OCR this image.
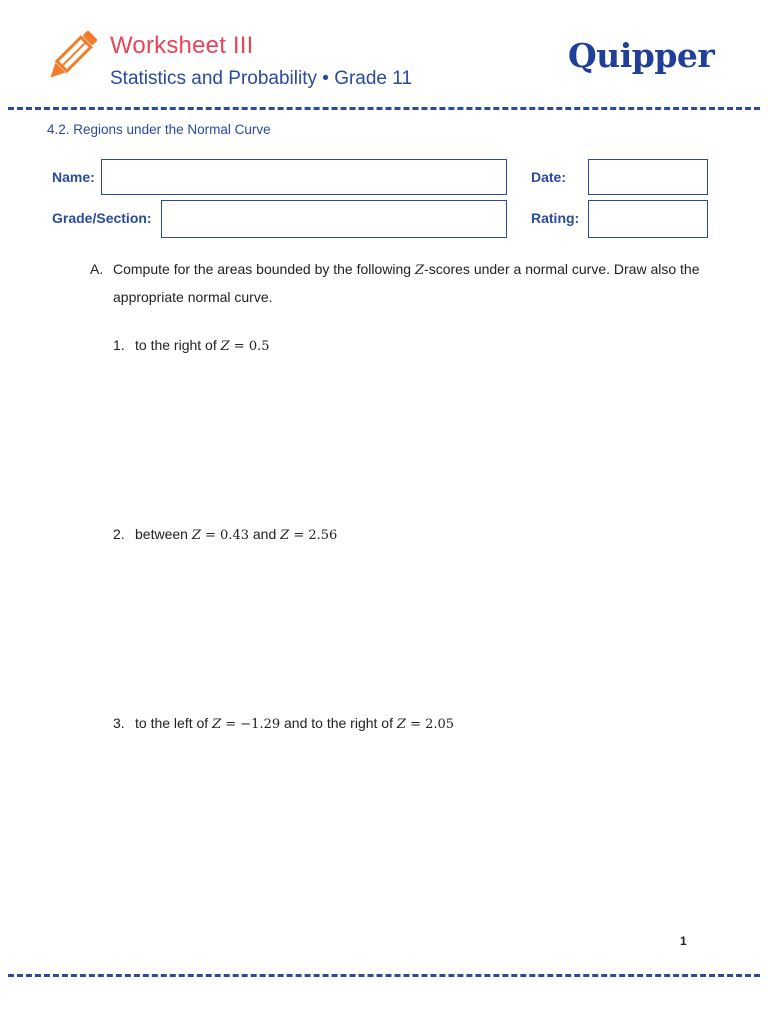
Worksheet III
Statistics and Probability • Grade 11
Quipper
4.2. Regions under the Normal Curve
Name:	Date:
Grade/Section:	Rating:
A. Compute for the areas bounded by the following Z-scores under a normal curve. Draw also the appropriate normal curve.
1. to the right of Z = 0.5
2. between Z = 0.43 and Z = 2.56
3. to the left of Z = −1.29 and to the right of Z = 2.05
1
